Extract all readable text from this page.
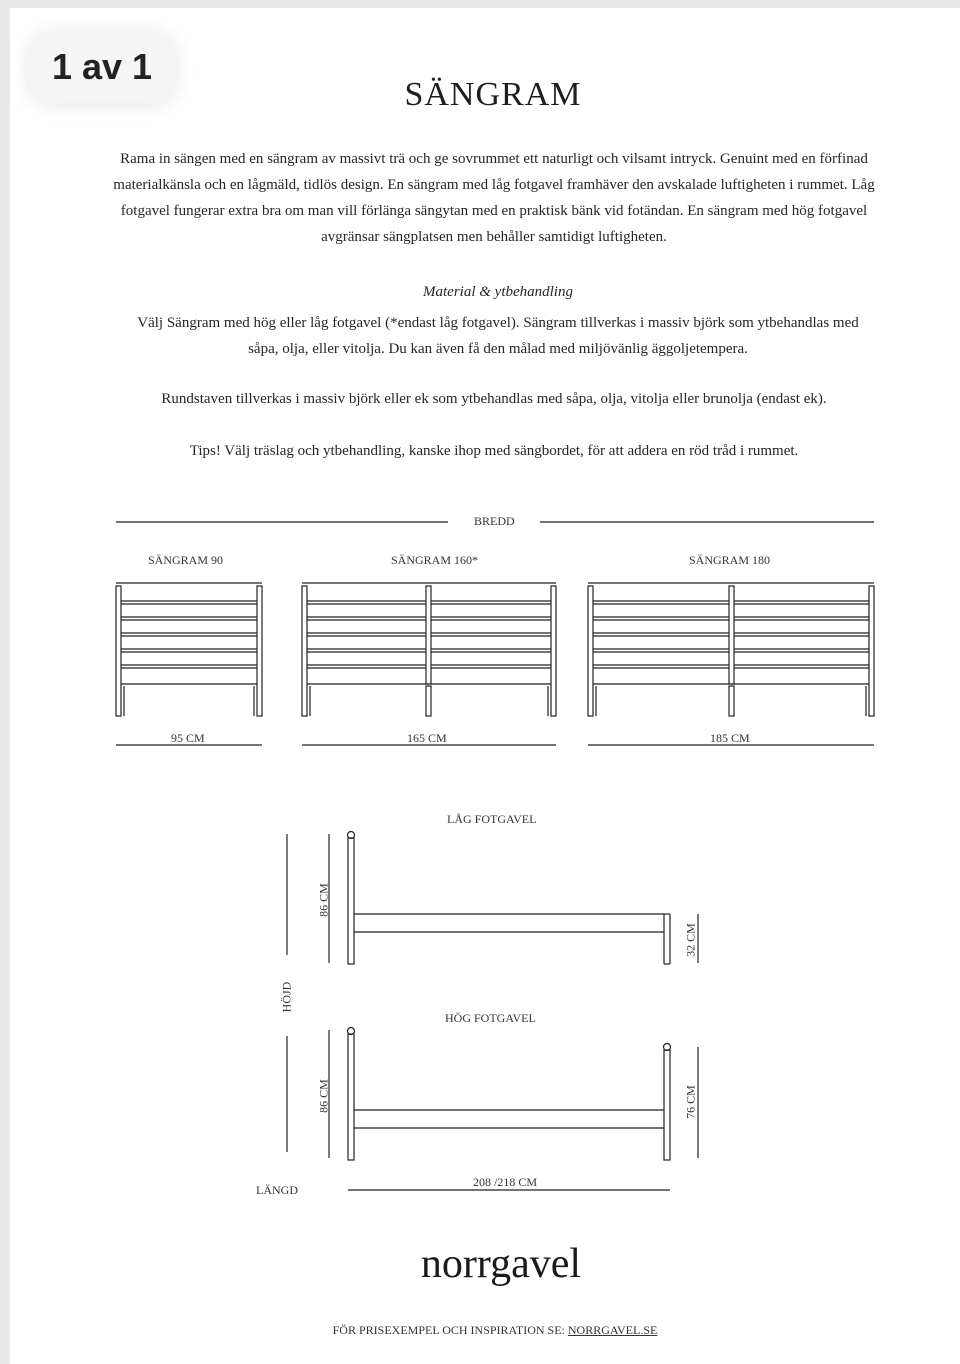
1 av 1
SÄNGRAM
Rama in sängen med en sängram av massivt trä och ge sovrummet ett naturligt och vilsamt intryck. Genuint med en förfinad materialkänsla och en lågmäld, tidlös design. En sängram med låg fotgavel framhäver den avskalade luftigheten i rummet. Låg fotgavel fungerar extra bra om man vill förlänga sängytan med en praktisk bänk vid fotändan. En sängram med hög fotgavel avgränsar sängplatsen men behåller samtidigt luftigheten.
Material & ytbehandling
Välj Sängram med hög eller låg fotgavel (*endast låg fotgavel). Sängram tillverkas i massiv björk som ytbehandlas med såpa, olja, eller vitolja. Du kan även få den målad med miljövänlig äggoljetempera.
Rundstaven tillverkas i massiv björk eller ek som ytbehandlas med såpa, olja, vitolja eller brunolja (endast ek).
Tips! Välj träslag och ytbehandling, kanske ihop med sängbordet, för att addera en röd tråd i rummet.
BREDD
SÄNGRAM 90	SÄNGRAM 160*	SÄNGRAM 180
95 CM	165 CM	185 CM
LÅG FOTGAVEL
HÖG FOTGAVEL
86 CM
32 CM
HÖJD
86 CM	76 CM
LÄNGD
208 /218 CM
norrgavel
FÖR PRISEXEMPEL OCH INSPIRATION SE: NORRGAVEL.SE
